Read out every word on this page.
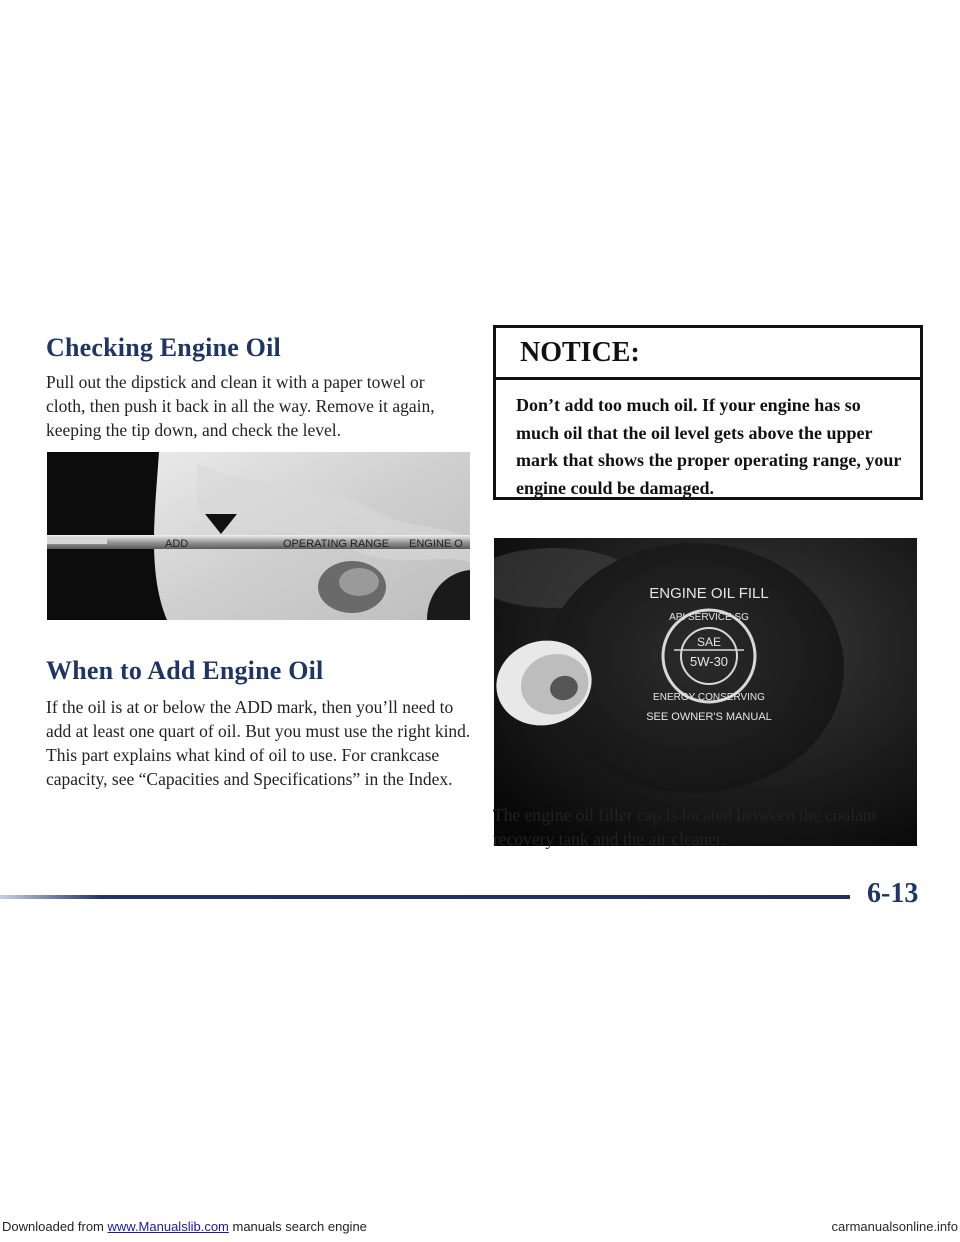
Checking Engine Oil

Pull out the dipstick and clean it with a paper towel or cloth, then push it back in all the way. Remove it again, keeping the tip down, and check the level.

ADD	OPERATING RANGE ENGINE O
When to Add Engine Oil

If the oil is at or below the ADD mark, then you’ll need to add at least one quart of oil. But you must use the right kind. This part explains what kind of oil to use. For crankcase capacity, see “Capacities and Specifications” in the Index.

NOTICE:
Don’t add too much oil. If your engine has so much oil that the oil level gets above the upper mark that shows the proper operating range, your engine could be damaged.
ENGINE OIL FILL
API SERVICE SG
SAE
5W-30
ENERGY CONSERVING
SEE OWNER'S MANUAL

The engine oil filler cap is located between the coolant recovery tank and the air cleaner.

6-13
Downloaded from www.Manualslib.com manuals search engine	carmanualsonline.info
